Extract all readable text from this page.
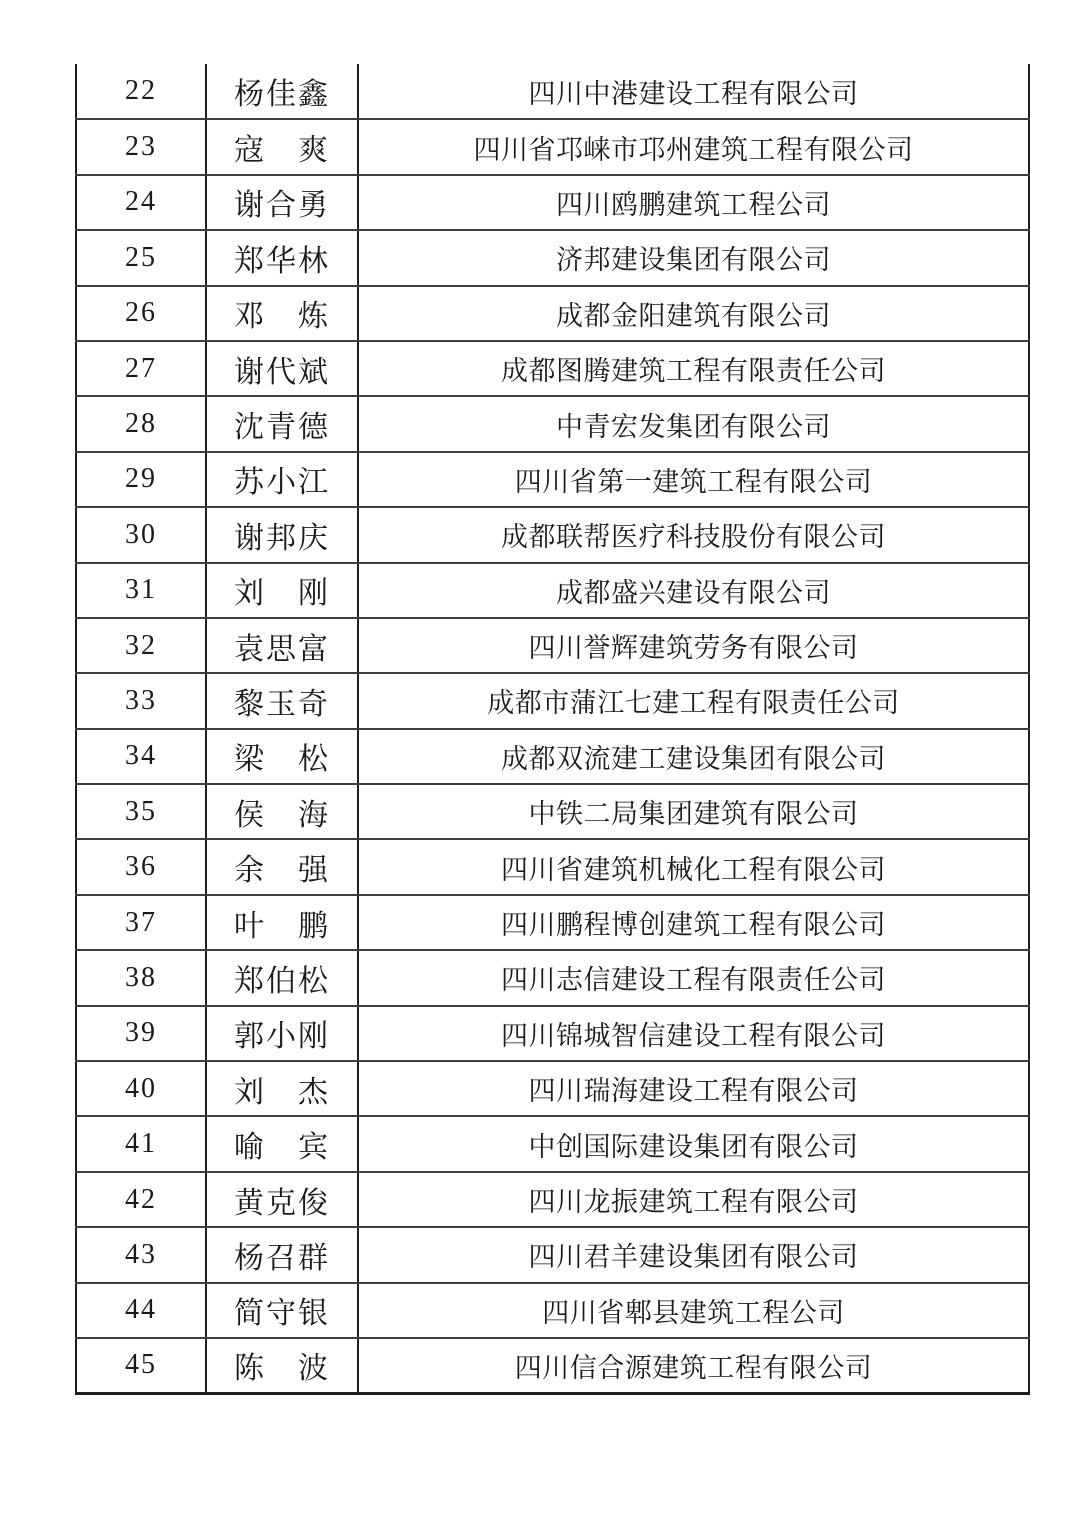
22	杨佳鑫	四川中港建设工程有限公司
23	寇　爽	四川省邛崃市邛州建筑工程有限公司
24	谢合勇	四川鸥鹏建筑工程公司
25	郑华林	济邦建设集团有限公司
26	邓　炼	成都金阳建筑有限公司
27	谢代斌	成都图腾建筑工程有限责任公司
28	沈青德	中青宏发集团有限公司
29	苏小江	四川省第一建筑工程有限公司
30	谢邦庆	成都联帮医疗科技股份有限公司
31	刘　刚	成都盛兴建设有限公司
32	袁思富	四川誉辉建筑劳务有限公司
33	黎玉奇	成都市蒲江七建工程有限责任公司
34	梁　松	成都双流建工建设集团有限公司
35	侯　海	中铁二局集团建筑有限公司
36	余　强	四川省建筑机械化工程有限公司
37	叶　鹏	四川鹏程博创建筑工程有限公司
38	郑伯松	四川志信建设工程有限责任公司
39	郭小刚	四川锦城智信建设工程有限公司
40	刘　杰	四川瑞海建设工程有限公司
41	喻　宾	中创国际建设集团有限公司
42	黄克俊	四川龙振建筑工程有限公司
43	杨召群	四川君羊建设集团有限公司
44	简守银	四川省郫县建筑工程公司
45	陈　波	四川信合源建筑工程有限公司
